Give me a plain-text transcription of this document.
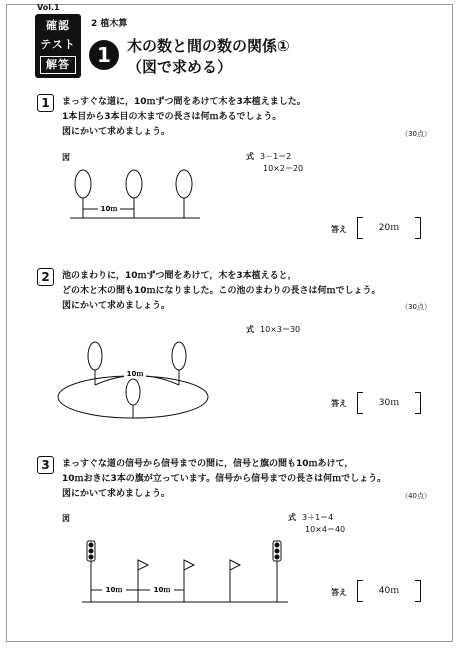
Vol.1
確認
テスト
解答
2 植木算
1	木の数と間の数の関係①
（図で求める）
1	まっすぐな道に，10ｍずつ間をあけて木を3本植えました。
1本目から3本目の木までの長さは何ｍあるでしょう。
図にかいて求めましょう。	（30点）
図	式 3－1＝2
10×2＝20
10ｍ
答え	20ｍ
2	池のまわりに，10ｍずつ間をあけて，木を3本植えると，
どの木と木の間も10ｍになりました。この池のまわりの長さは何ｍでしょう。
図にかいて求めましょう。	（30点）
式 10×3＝30
10ｍ
答え	30ｍ
3	まっすぐな道の信号から信号までの間に，信号と旗の間も10ｍあけて，
10ｍおきに3本の旗が立っています。信号から信号までの長さは何ｍでしょう。
図にかいて求めましょう。	（40点）
図	式 3＋1＝4
10×4＝40
10ｍ	10ｍ	答え	40ｍ
